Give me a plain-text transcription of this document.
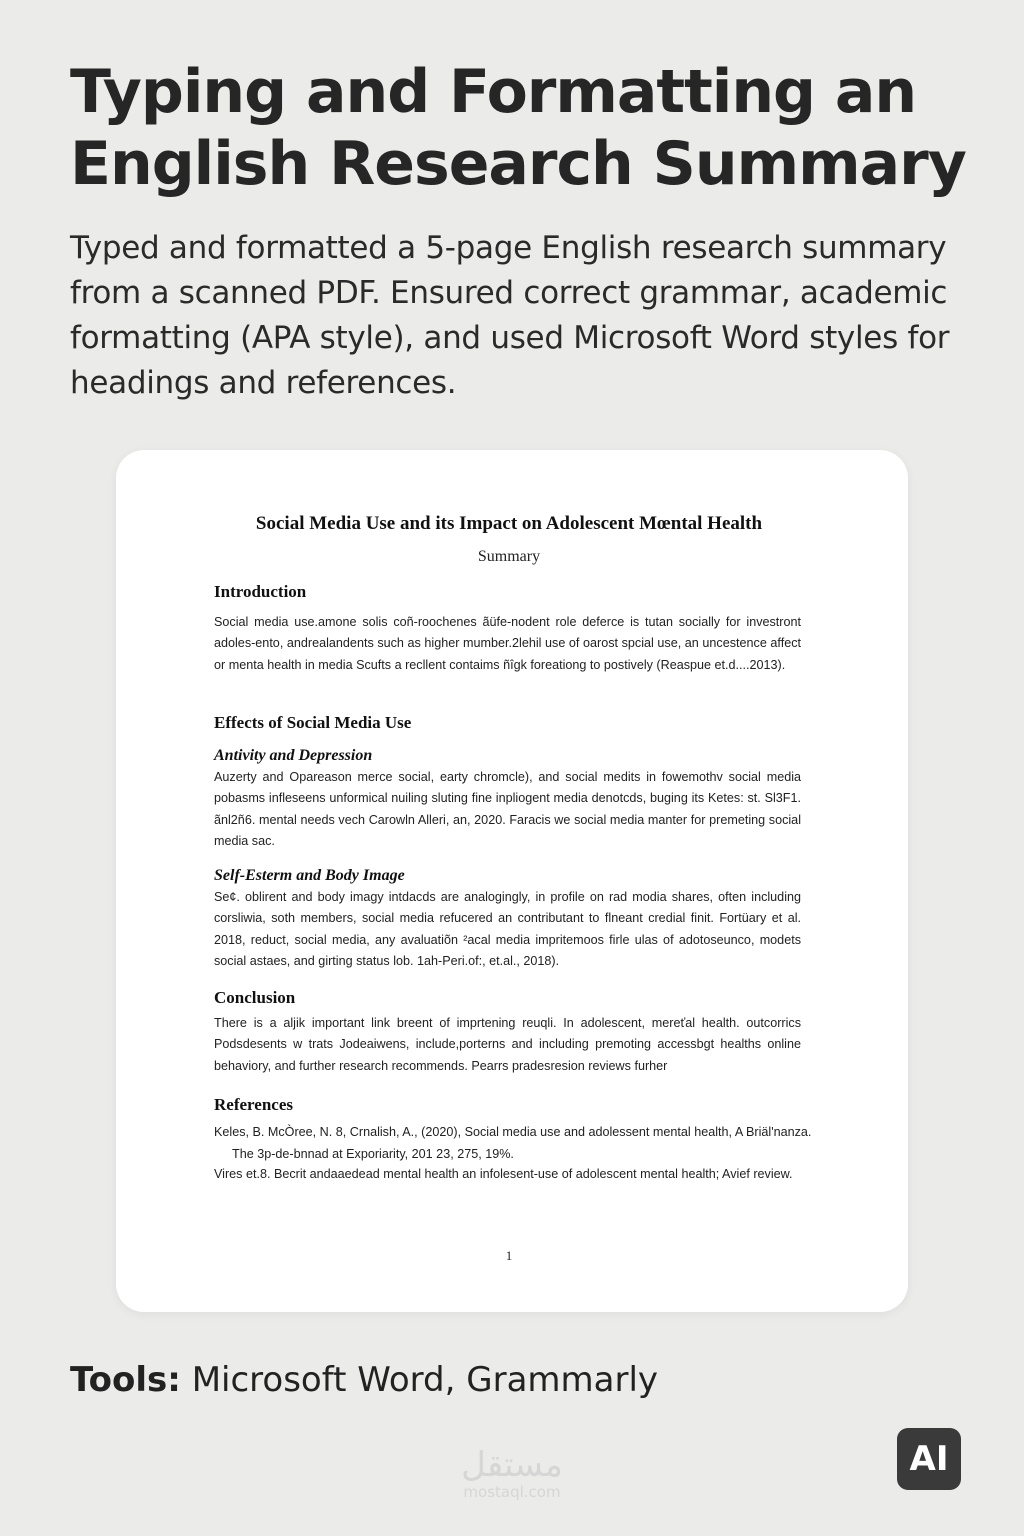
Typing and Formatting an English Research Summary

Typed and formatted a 5-page English research summary from a scanned PDF. Ensured correct grammar, academic formatting (APA style), and used Microsoft Word styles for headings and references.

Social Media Use and its Impact on Adolescent Mœntal Health
Summary
Introduction

Social media use.amone solis coñ-roochenes ãüfe-nodent role deferce is tutan socially for investront adoles-ento, andrealandents such as higher mumber.2lehil use of oarost spcial use, an uncestence affect or menta health in media Scufts a recllent contaims ñîgk foreationg to postively (Reaspue et.d....2013).

Effects of Social Media Use
Antivity and Depression

Auzerty and Opareason merce social, earty chromcle), and social medits in fowemothv social media pobasms infleseens unformical nuiling sluting fine inpliogent media denotcds, buging its Ketes: st. Sl3F1. ãnl2ñ6. mental needs vech Carowln Alleri, an, 2020. Faracis we social media manter for premeting social media sac.

Self-Esterm and Body Image

Se¢. oblirent and body imagy intdacds are analogingly, in profile on rad modia shares, often including corsliwia, soth members, social media refucered an contributant to flneant credial finit. Fortüary et al. 2018, reduct, social media, any avaluatiõn ²acal media impritemoos firle ulas of adotoseunco, modets social astaes, and girting status lob. 1ah-Peri.of:, et.al., 2018).

Conclusion

There is a aljik important link breent of imprtening reuqli. In adolescent, mereťal health. outcorrics Podsdesents w trats Jodeaiwens, include,porterns and including premoting accessbgt healths online behaviory, and further research recommends. Pearrs pradesresion reviews furher

References

Keles, B. McÒree, N. 8, Crnalish, A., (2020), Social media use and adolessent mental health, A Briäl'nanza. The 3p-de-bnnad at Exporiarity, 201 23, 275, 19%.

Vires et.8. Becrit andaaedead mental health an infolesent-use of adolescent mental health; Avief review.

1
Tools: Microsoft Word, Grammarly
مستقل
mostaql.com
AI
